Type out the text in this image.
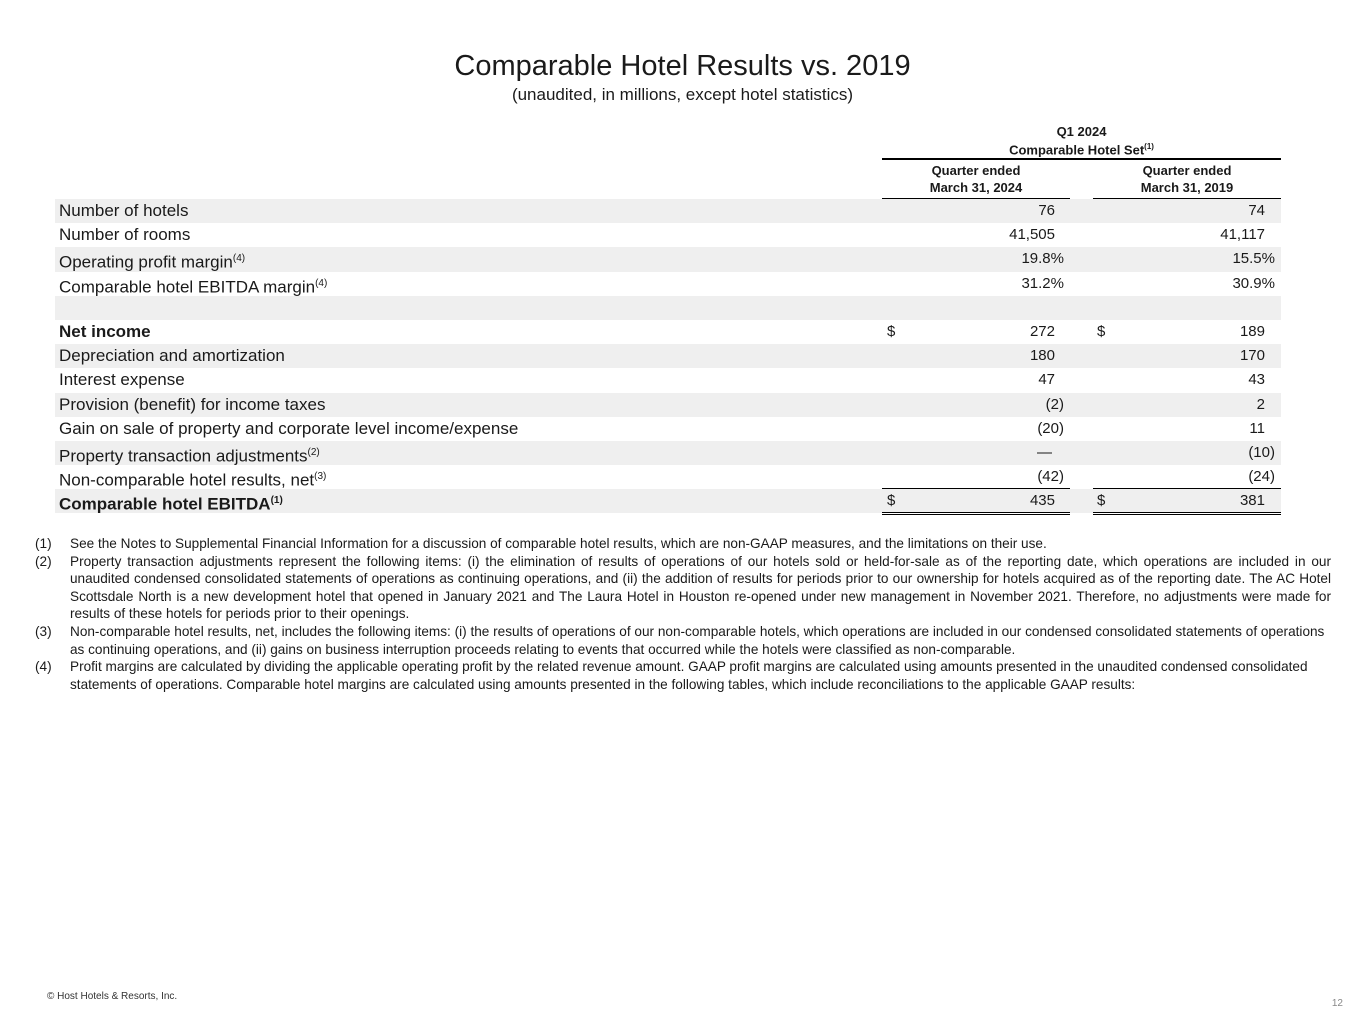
Comparable Hotel Results vs. 2019
(unaudited, in millions, except hotel statistics)
Q1 2024
Comparable Hotel Set$^{(1)}$
Quarter ended
March 31, 2024
Quarter ended
March 31, 2019
Number of hotels	76	74
Number of rooms	41,505	41,117
Operating profit margin$^{(4)}$	19.8%	15.5%
Comparable hotel EBITDA margin$^{(4)}$	31.2%	30.9%
Net income	$	272	$	189
Depreciation and amortization	180	170
Interest expense	47	43
Provision (benefit) for income taxes	(2)	2
Gain on sale of property and corporate level income/expense	(20)	11
Property transaction adjustments$^{(2)}$	—	(10)
Non-comparable hotel results, net$^{(3)}$	(42)	(24)
Comparable hotel EBITDA$^{(1)}$	$	435	$	381
(1) See the Notes to Supplemental Financial Information for a discussion of comparable hotel results, which are non-GAAP measures, and the limitations on their use.
(2) Property transaction adjustments represent the following items: (i) the elimination of results of operations of our hotels sold or held-for-sale as of the reporting date, which operations are included in our unaudited condensed consolidated statements of operations as continuing operations, and (ii) the addition of results for periods prior to our ownership for hotels acquired as of the reporting date. The AC Hotel Scottsdale North is a new development hotel that opened in January 2021 and The Laura Hotel in Houston re-opened under new management in November 2021. Therefore, no adjustments were made for results of these hotels for periods prior to their openings.
(3) Non-comparable hotel results, net, includes the following items: (i) the results of operations of our non-comparable hotels, which operations are included in our condensed consolidated statements of operations as continuing operations, and (ii) gains on business interruption proceeds relating to events that occurred while the hotels were classified as non-comparable.
(4) Profit margins are calculated by dividing the applicable operating profit by the related revenue amount. GAAP profit margins are calculated using amounts presented in the unaudited condensed consolidated statements of operations. Comparable hotel margins are calculated using amounts presented in the following tables, which include reconciliations to the applicable GAAP results:
© Host Hotels & Resorts, Inc.
12
